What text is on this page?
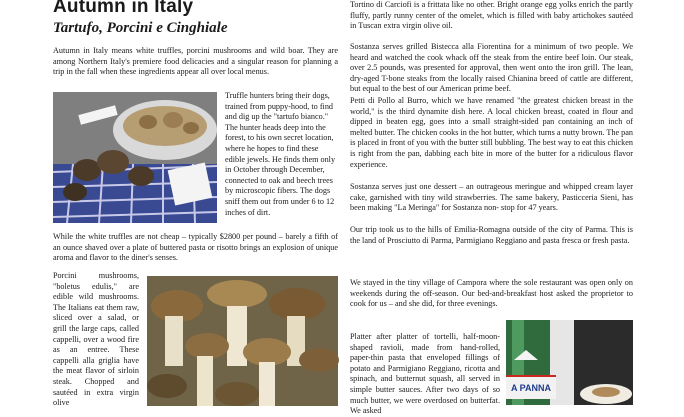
Autumn in Italy
Tartufo, Porcini e Cinghiale

Autumn in Italy means white truffles, porcini mushrooms and wild boar. They are among Northern Italy's premiere food delicacies and a singular reason for planning a trip in the fall when these ingredients appear all over local menus.

Truffle hunters bring their dogs, trained from puppy-hood, to find and dig up the "tartufo bianco." The hunter heads deep into the forest, to his own secret location, where he hopes to find these edible jewels. He finds them only in October through December, connected to oak and beech trees by microscopic fibers. The dogs sniff them out from under 6 to 12 inches of dirt.

While the white truffles are not cheap – typically $2800 per pound – barely a fifth of an ounce shaved over a plate of buttered pasta or risotto brings an explosion of unique aroma and flavor to the diner's senses.

Porcini mushrooms, "boletus edulis," are edible wild mushrooms. The Italians eat them raw, sliced over a salad, or grill the large caps, called cappelli, over a wood fire as an entree. These cappelli alla griglia have the meat flavor of sirloin steak. Chopped and sautéed in extra virgin olive

Tortino di Carciofi is a frittata like no other. Bright orange egg yolks enrich the partly fluffy, partly runny center of the omelet, which is filled with baby artichokes sautéed in Tuscan extra virgin olive oil.

Sostanza serves grilled Bistecca alla Fiorentina for a minimum of two people. We heard and watched the cook whack off the steak from the entire beef loin. Our steak, over 2.5 pounds, was presented for approval, then went onto the iron grill. The lean, dry-aged T-bone steaks from the locally raised Chianina breed of cattle are different, but equal to the best of our American prime beef.

Petti di Pollo al Burro, which we have renamed "the greatest chicken breast in the world," is the third dynamite dish here. A local chicken breast, coated in flour and dipped in beaten egg, goes into a small straight-sided pan containing an inch of melted butter. The chicken cooks in the hot butter, which turns a nutty brown. The pan is placed in front of you with the butter still bubbling. The best way to eat this chicken is right from the pan, dabbing each bite in more of the butter for a ridiculous flavor experience.

Sostanza serves just one dessert – an outrageous meringue and whipped cream layer cake, garnished with tiny wild strawberries. The same bakery, Pasticceria Sieni, has been making "La Meringa" for Sostanza non- stop for 47 years.

Our trip took us to the hills of Emilia-Romagna outside of the city of Parma. This is the land of Prosciutto di Parma, Parmigiano Reggiano and pasta fresca or fresh pasta.

We stayed in the tiny village of Campora where the sole restaurant was open only on weekends during the off-season. Our bed-and-breakfast host asked the proprietor to cook for us – and she did, for three evenings.

Platter after platter of tortelli, half-moon-shaped ravioli, made from hand-rolled, paper-thin pasta that enveloped fillings of potato and Parmigiano Reggiano, ricotta and spinach, and butternut squash, all served in simple butter sauces. After two days of so much butter, we were overdosed on butterfat. We asked

A PANNA
